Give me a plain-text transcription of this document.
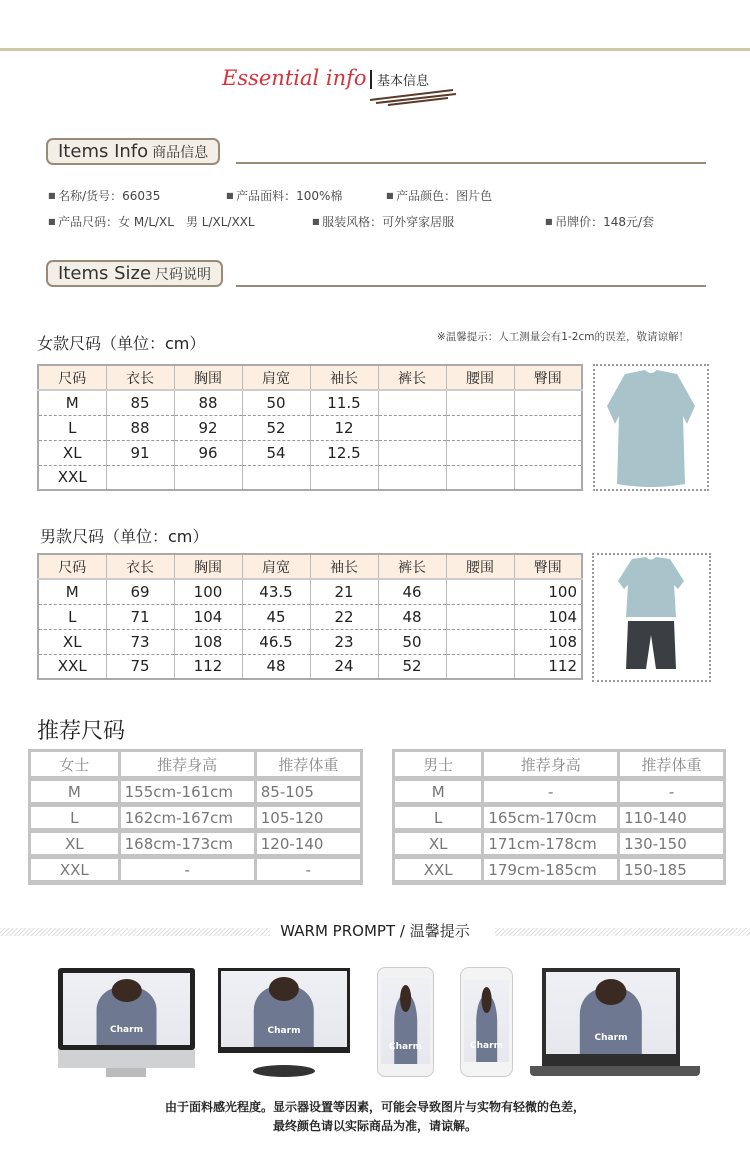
Essential info 基本信息
Items Info 商品信息
■ 名称/货号：66035	■ 产品面料：100%棉	■ 产品颜色：图片色
■ 产品尺码：女 M/L/XL　男 L/XL/XXL	■ 服装风格：可外穿家居服	■ 吊牌价：148元/套
Items Size 尺码说明
女款尺码（单位：cm）	※温馨提示：人工测量会有1-2cm的误差，敬请谅解！
尺码	衣长	胸围	肩宽	袖长	裤长	腰围	臀围
M	85	88	50	11.5			
L	88	92	52	12			
XL	91	96	54	12.5			
XXL							
男款尺码（单位：cm）
尺码	衣长	胸围	肩宽	袖长	裤长	腰围	臀围
M	69	100	43.5	21	46		100
L	71	104	45	22	48		104
XL	73	108	46.5	23	50		108
XXL	75	112	48	24	52		112
推荐尺码
女士	推荐身高	推荐体重
M	155cm-161cm	85-105
L	162cm-167cm	105-120
XL	168cm-173cm	120-140
XXL	-	-
男士	推荐身高	推荐体重
M	-	-
L	165cm-170cm	110-140
XL	171cm-178cm	130-150
XXL	179cm-185cm	150-185
WARM PROMPT / 温馨提示
Charm	Charm
Charm	Charm
Charm
由于面料感光程度。显示器设置等因素，可能会导致图片与实物有轻微的色差，
最终颜色请以实际商品为准，请谅解。
